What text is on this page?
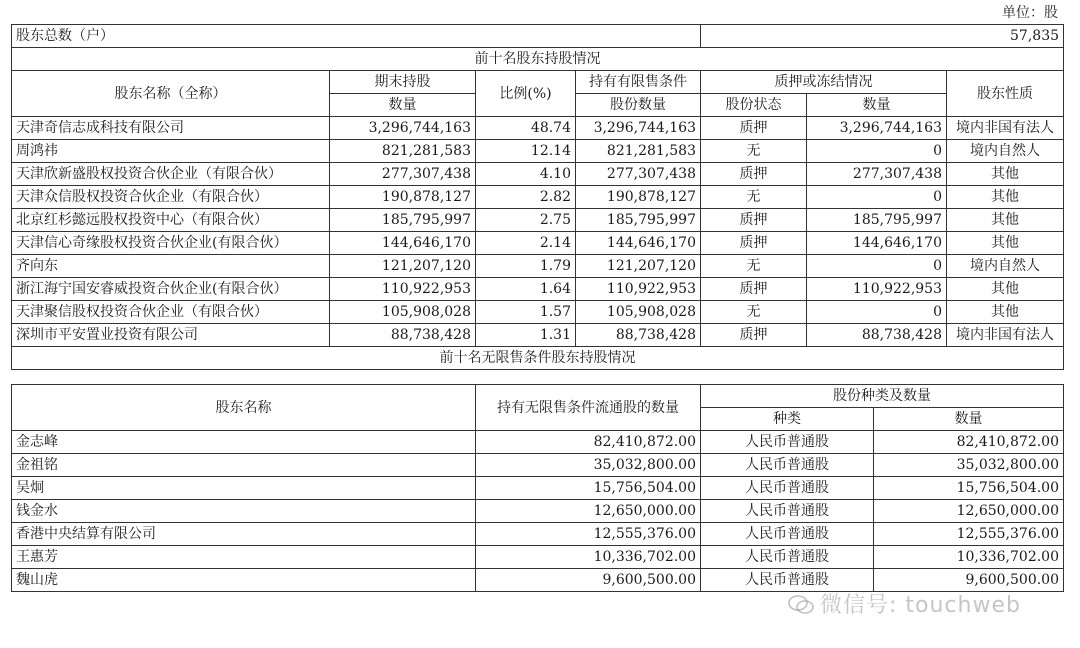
单位：股
股东总数（户）				57,835		
前十名股东持股情况						
股东名称（全称）	期末持股	比例(%)	持有有限售条件	质押或冻结情况		股东性质
	数量		股份数量	股份状态	数量	
天津奇信志成科技有限公司	3,296,744,163	48.74	3,296,744,163	质押	3,296,744,163	境内非国有法人
周鸿祎	821,281,583	12.14	821,281,583	无	0	境内自然人
天津欣新盛股权投资合伙企业（有限合伙）	277,307,438	4.10	277,307,438	质押	277,307,438	其他
天津众信股权投资合伙企业（有限合伙）	190,878,127	2.82	190,878,127	无	0	其他
北京红杉懿远股权投资中心（有限合伙）	185,795,997	2.75	185,795,997	质押	185,795,997	其他
天津信心奇缘股权投资合伙企业(有限合伙）	144,646,170	2.14	144,646,170	质押	144,646,170	其他
齐向东	121,207,120	1.79	121,207,120	无	0	境内自然人
浙江海宁国安睿威投资合伙企业(有限合伙）	110,922,953	1.64	110,922,953	质押	110,922,953	其他
天津聚信股权投资合伙企业（有限合伙）	105,908,028	1.57	105,908,028	无	0	其他
深圳市平安置业投资有限公司	88,738,428	1.31	88,738,428	质押	88,738,428	境内非国有法人
前十名无限售条件股东持股情况						
股东名称	持有无限售条件流通股的数量	股份种类及数量	
		种类	数量
金志峰	82,410,872.00	人民币普通股	82,410,872.00
金祖铭	35,032,800.00	人民币普通股	35,032,800.00
吴炯	15,756,504.00	人民币普通股	15,756,504.00
钱金水	12,650,000.00	人民币普通股	12,650,000.00
香港中央结算有限公司	12,555,376.00	人民币普通股	12,555,376.00
王惠芳	10,336,702.00	人民币普通股	10,336,702.00
魏山虎	9,600,500.00	人民币普通股	9,600,500.00
微信号: touchweb
